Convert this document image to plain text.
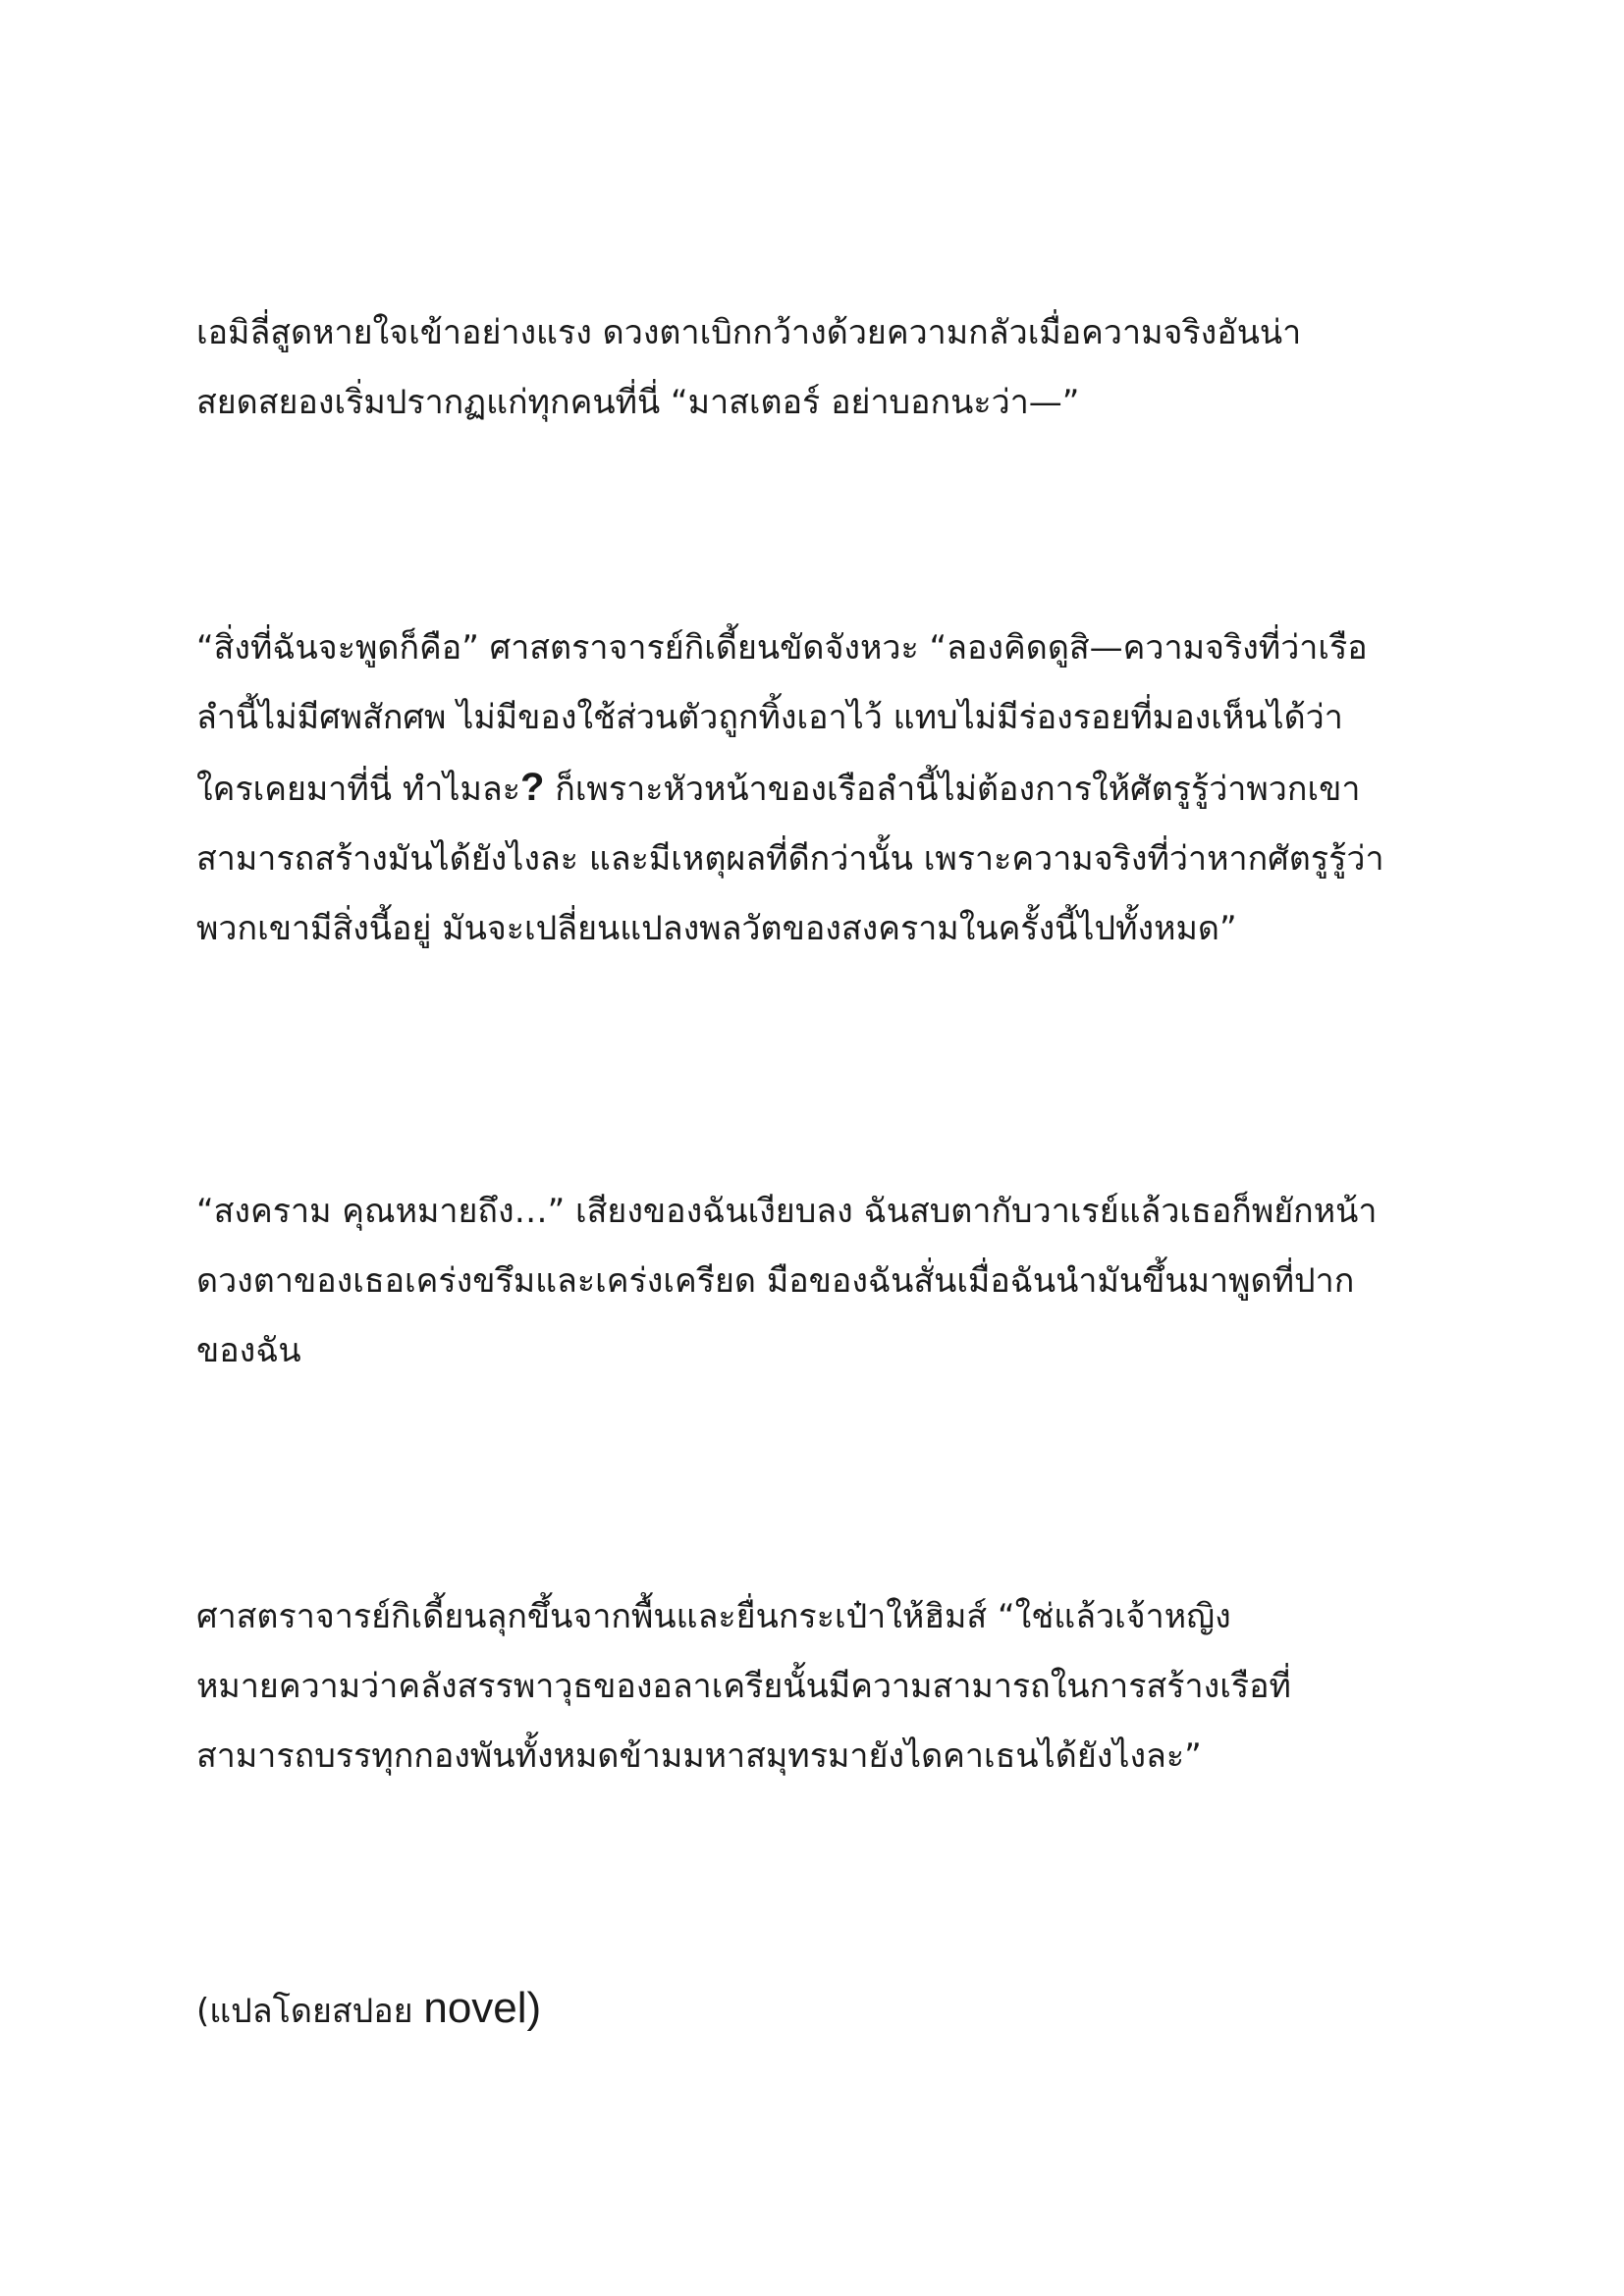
เอมิลี่สูดหายใจเข้าอย่างแรง ดวงตาเบิกกว้างด้วยความกลัวเมื่อความจริงอันน่า
สยดสยองเริ่มปรากฏแก่ทุกคนที่นี่ “มาสเตอร์ อย่าบอกนะว่า—”

“สิ่งที่ฉันจะพูดก็คือ” ศาสตราจารย์กิเดี้ยนขัดจังหวะ “ลองคิดดูสิ—ความจริงที่ว่าเรือ
ลำนี้ไม่มีศพสักศพ ไม่มีของใช้ส่วนตัวถูกทิ้งเอาไว้ แทบไม่มีร่องรอยที่มองเห็นได้ว่า
ใครเคยมาที่นี่ ทำไมละ? ก็เพราะหัวหน้าของเรือลำนี้ไม่ต้องการให้ศัตรูรู้ว่าพวกเขา
สามารถสร้างมันได้ยังไงละ และมีเหตุผลที่ดีกว่านั้น เพราะความจริงที่ว่าหากศัตรูรู้ว่า
พวกเขามีสิ่งนี้อยู่ มันจะเปลี่ยนแปลงพลวัตของสงครามในครั้งนี้ไปทั้งหมด”

“สงคราม คุณหมายถึง…” เสียงของฉันเงียบลง ฉันสบตากับวาเรย์แล้วเธอก็พยักหน้า
ดวงตาของเธอเคร่งขรึมและเคร่งเครียด มือของฉันสั่นเมื่อฉันนำมันขึ้นมาพูดที่ปาก
ของฉัน

ศาสตราจารย์กิเดี้ยนลุกขึ้นจากพื้นและยื่นกระเป๋าให้ฮิมส์ “ใช่แล้วเจ้าหญิง
หมายความว่าคลังสรรพาวุธของอลาเครียนั้นมีความสามารถในการสร้างเรือที่
สามารถบรรทุกกองพันทั้งหมดข้ามมหาสมุทรมายังไดคาเธนได้ยังไงละ”

(แปลโดยสปอย novel)
